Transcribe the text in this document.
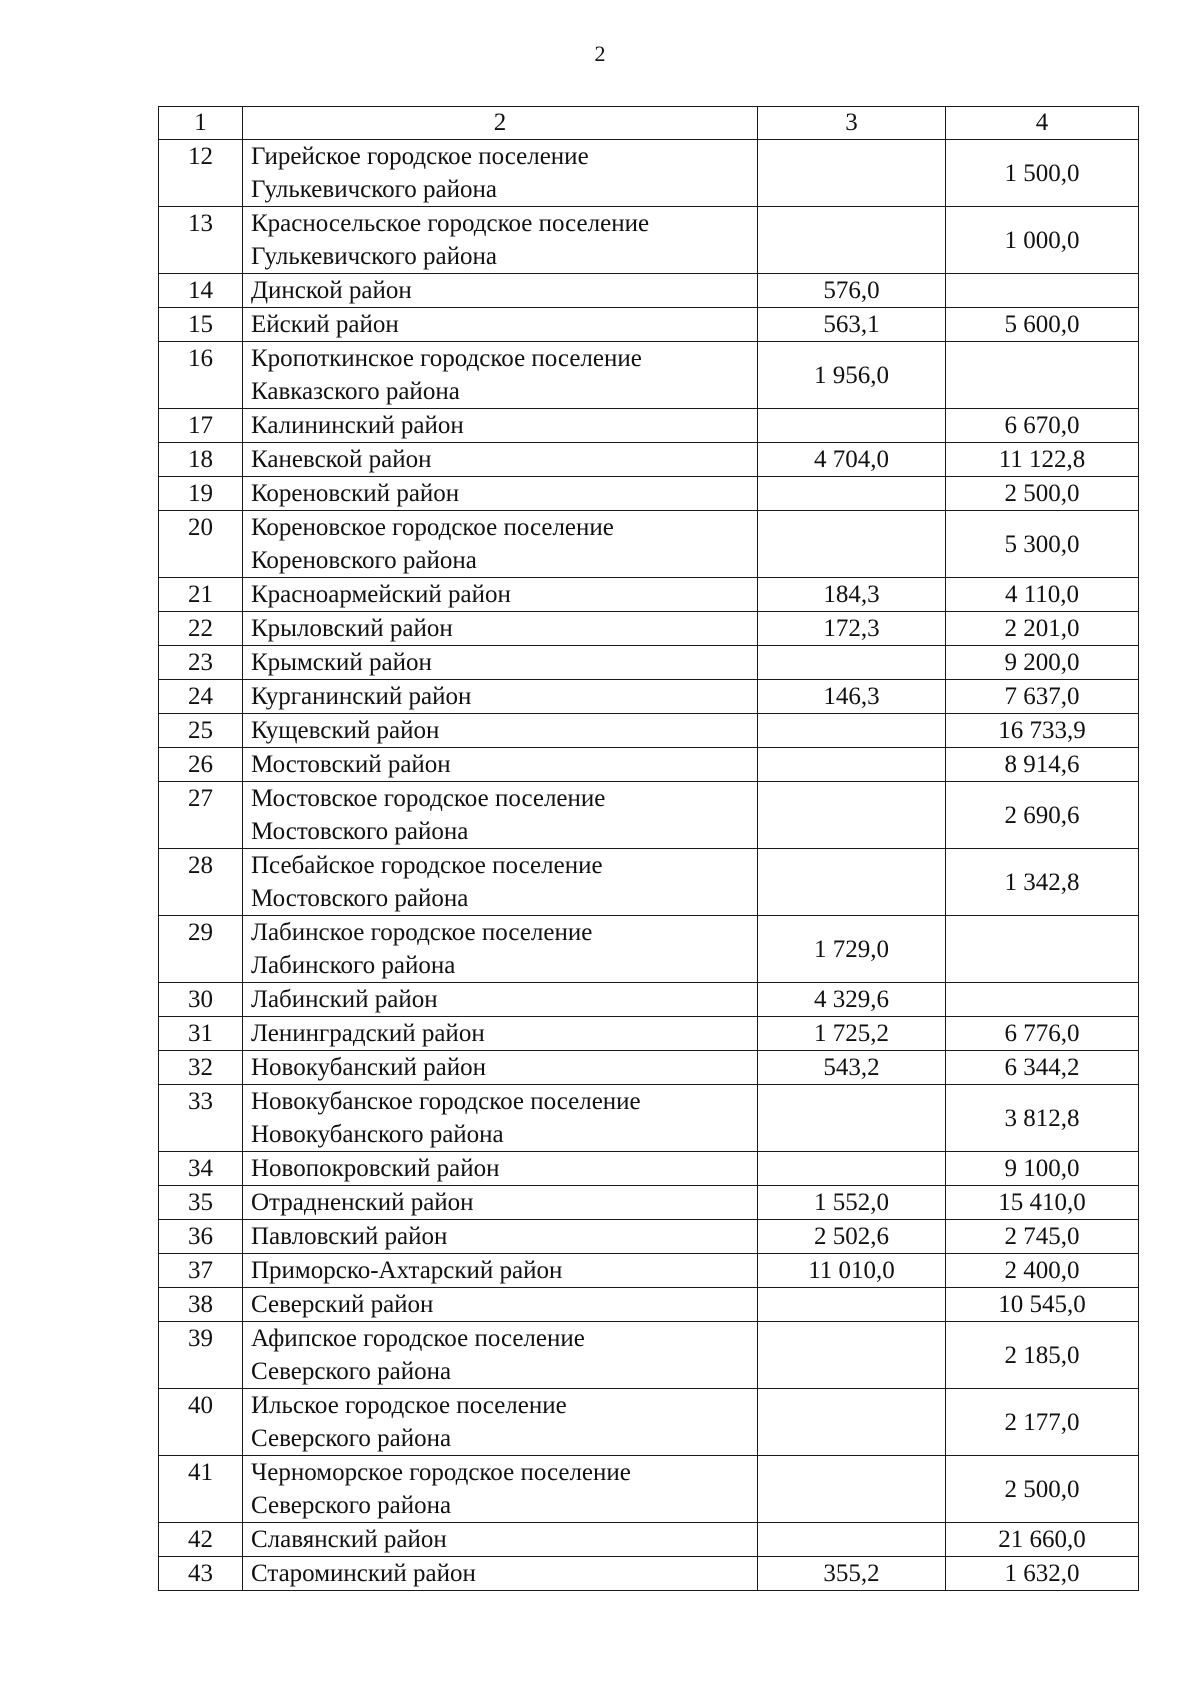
2
1	2	3	4
12	Гирейское городское поселение
Гулькевичского района		1 500,0
13	Красносельское городское поселение
Гулькевичского района		1 000,0
14	Динской район	576,0	
15	Ейский район	563,1	5 600,0
16	Кропоткинское городское поселение
Кавказского района	1 956,0	
17	Калининский район		6 670,0
18	Каневской район	4 704,0	11 122,8
19	Кореновский район		2 500,0
20	Кореновское городское поселение
Кореновского района		5 300,0
21	Красноармейский район	184,3	4 110,0
22	Крыловский район	172,3	2 201,0
23	Крымский район		9 200,0
24	Курганинский район	146,3	7 637,0
25	Кущевский район		16 733,9
26	Мостовский район		8 914,6
27	Мостовское городское поселение
Мостовского района		2 690,6
28	Псебайское городское поселение
Мостовского района		1 342,8
29	Лабинское городское поселение
Лабинского района	1 729,0	
30	Лабинский район	4 329,6	
31	Ленинградский район	1 725,2	6 776,0
32	Новокубанский район	543,2	6 344,2
33	Новокубанское городское поселение
Новокубанского района		3 812,8
34	Новопокровский район		9 100,0
35	Отрадненский район	1 552,0	15 410,0
36	Павловский район	2 502,6	2 745,0
37	Приморско-Ахтарский район	11 010,0	2 400,0
38	Северский район		10 545,0
39	Афипское городское поселение
Северского района		2 185,0
40	Ильское городское поселение
Северского района		2 177,0
41	Черноморское городское поселение
Северского района		2 500,0
42	Славянский район		21 660,0
43	Староминский район	355,2	1 632,0
